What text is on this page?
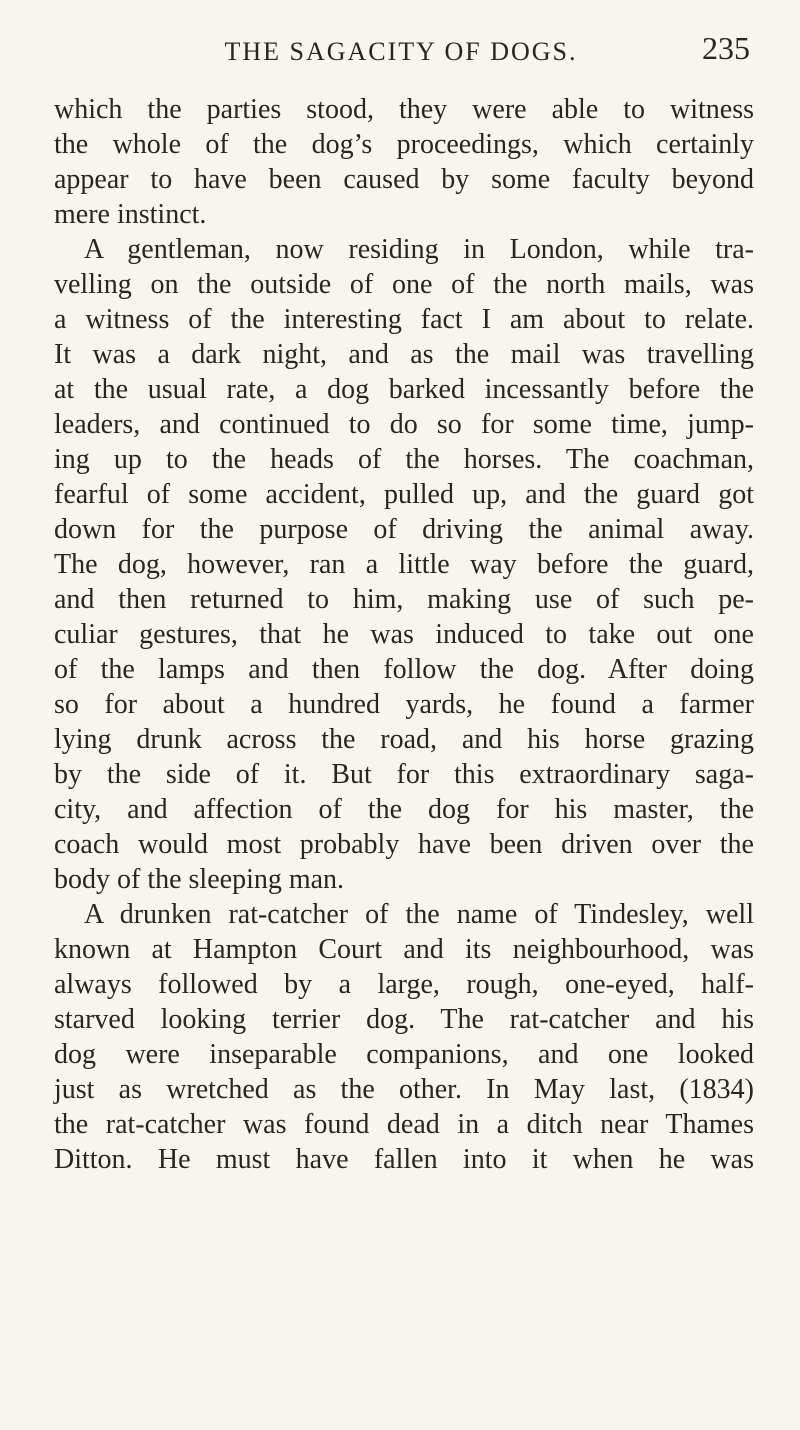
THE SAGACITY OF DOGS.	235
which the parties stood, they were able to witness
the whole of the dog’s proceedings, which certainly
appear to have been caused by some faculty beyond
mere instinct.
A gentleman, now residing in London, while tra-
velling on the outside of one of the north mails, was
a witness of the interesting fact I am about to relate.
It was a dark night, and as the mail was travelling
at the usual rate, a dog barked incessantly before the
leaders, and continued to do so for some time, jump-
ing up to the heads of the horses. The coachman,
fearful of some accident, pulled up, and the guard got
down for the purpose of driving the animal away.
The dog, however, ran a little way before the guard,
and then returned to him, making use of such pe-
culiar gestures, that he was induced to take out one
of the lamps and then follow the dog. After doing
so for about a hundred yards, he found a farmer
lying drunk across the road, and his horse grazing
by the side of it. But for this extraordinary saga-
city, and affection of the dog for his master, the
coach would most probably have been driven over the
body of the sleeping man.
A drunken rat-catcher of the name of Tindesley, well
known at Hampton Court and its neighbourhood, was
always followed by a large, rough, one-eyed, half-
starved looking terrier dog. The rat-catcher and his
dog were inseparable companions, and one looked
just as wretched as the other. In May last, (1834)
the rat-catcher was found dead in a ditch near Thames
Ditton. He must have fallen into it when he was
